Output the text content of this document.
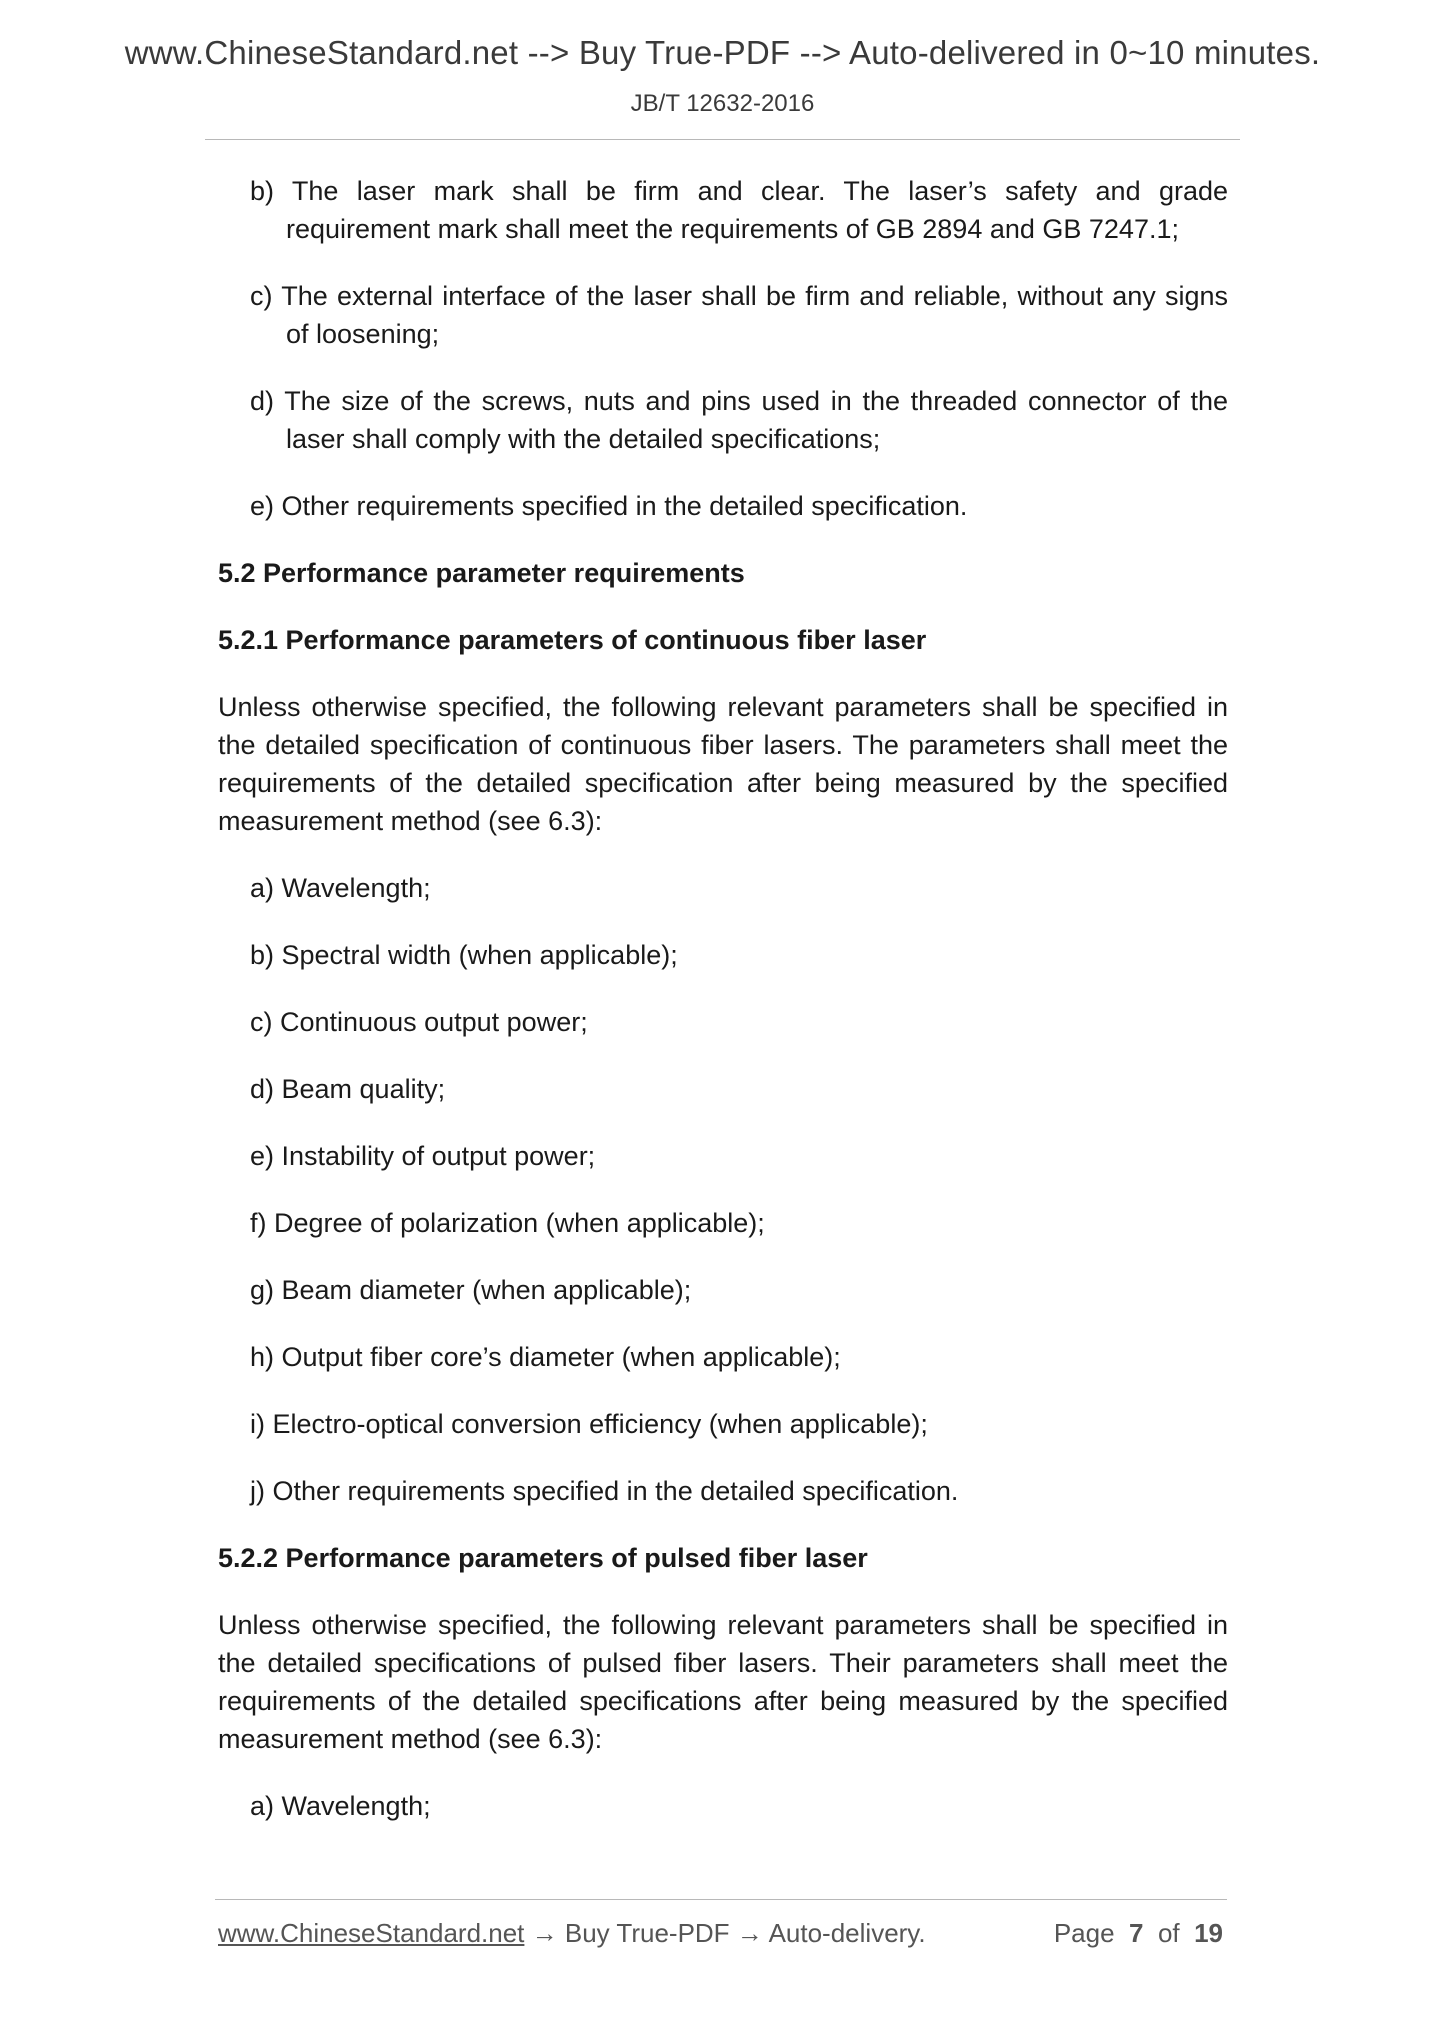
www.ChineseStandard.net --> Buy True-PDF --> Auto-delivered in 0~10 minutes.
JB/T 12632-2016
b) The laser mark shall be firm and clear. The laser’s safety and grade requirement mark shall meet the requirements of GB 2894 and GB 7247.1;
c) The external interface of the laser shall be firm and reliable, without any signs of loosening;
d) The size of the screws, nuts and pins used in the threaded connector of the laser shall comply with the detailed specifications;
e) Other requirements specified in the detailed specification.
5.2 Performance parameter requirements
5.2.1 Performance parameters of continuous fiber laser
Unless otherwise specified, the following relevant parameters shall be specified in the detailed specification of continuous fiber lasers. The parameters shall meet the requirements of the detailed specification after being measured by the specified measurement method (see 6.3):
a) Wavelength;
b) Spectral width (when applicable);
c) Continuous output power;
d) Beam quality;
e) Instability of output power;
f) Degree of polarization (when applicable);
g) Beam diameter (when applicable);
h) Output fiber core’s diameter (when applicable);
i) Electro-optical conversion efficiency (when applicable);
j) Other requirements specified in the detailed specification.
5.2.2 Performance parameters of pulsed fiber laser
Unless otherwise specified, the following relevant parameters shall be specified in the detailed specifications of pulsed fiber lasers. Their parameters shall meet the requirements of the detailed specifications after being measured by the specified measurement method (see 6.3):
a) Wavelength;
www.ChineseStandard.net → Buy True-PDF → Auto-delivery.	Page 7 of 19
